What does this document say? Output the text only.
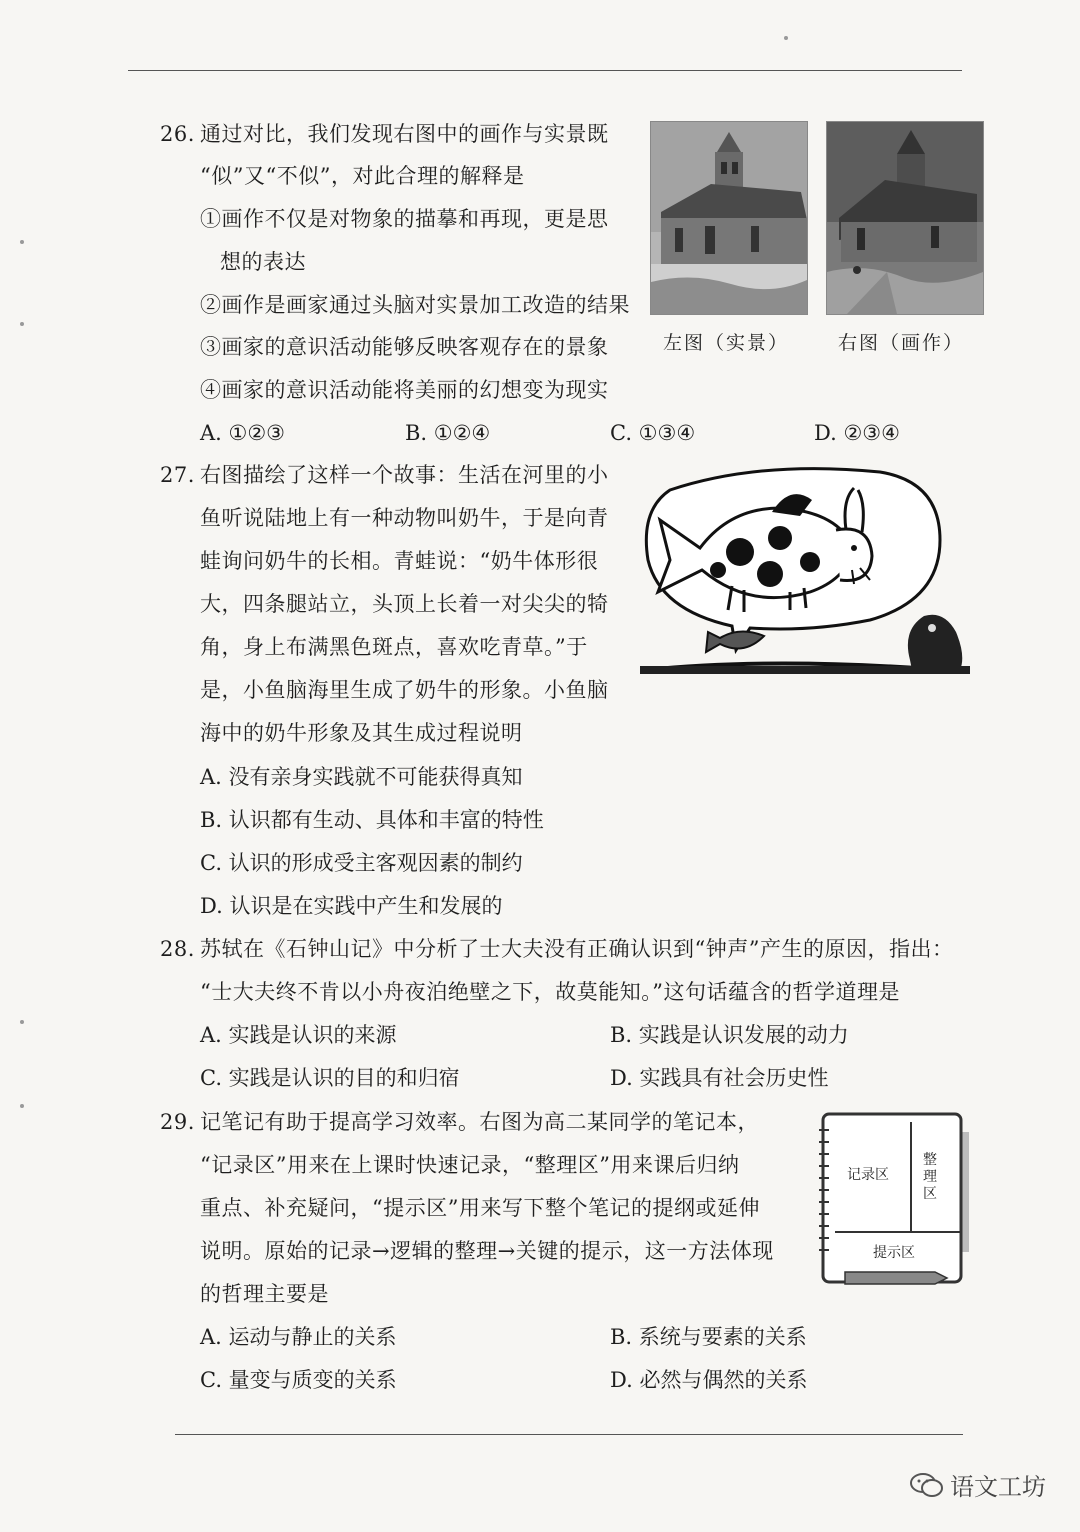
26. 通过对比，我们发现右图中的画作与实景既
“似”又“不似”，对此合理的解释是
①画作不仅是对物象的描摹和再现，更是思
想的表达
②画作是画家通过头脑对实景加工改造的结果
③画家的意识活动能够反映客观存在的景象
④画家的意识活动能将美丽的幻想变为现实
A. ①②③	B. ①②④	C. ①③④	D. ②③④
左图（实景）	右图（画作）
27. 右图描绘了这样一个故事：生活在河里的小
鱼听说陆地上有一种动物叫奶牛，于是向青
蛙询问奶牛的长相。青蛙说：“奶牛体形很
大，四条腿站立，头顶上长着一对尖尖的犄
角，身上布满黑色斑点，喜欢吃青草。”于
是，小鱼脑海里生成了奶牛的形象。小鱼脑
海中的奶牛形象及其生成过程说明
A. 没有亲身实践就不可能获得真知
B. 认识都有生动、具体和丰富的特性
C. 认识的形成受主客观因素的制约
D. 认识是在实践中产生和发展的
28. 苏轼在《石钟山记》中分析了士大夫没有正确认识到“钟声”产生的原因，指出：
“士大夫终不肯以小舟夜泊绝壁之下，故莫能知。”这句话蕴含的哲学道理是
A. 实践是认识的来源	B. 实践是认识发展的动力
C. 实践是认识的目的和归宿	D. 实践具有社会历史性
29. 记笔记有助于提高学习效率。右图为高二某同学的笔记本，
“记录区”用来在上课时快速记录，“整理区”用来课后归纳
重点、补充疑问，“提示区”用来写下整个笔记的提纲或延伸
说明。原始的记录→逻辑的整理→关键的提示，这一方法体现
的哲理主要是
A. 运动与静止的关系	B. 系统与要素的关系
C. 量变与质变的关系	D. 必然与偶然的关系
记录区
整理区
提示区
语文工坊
